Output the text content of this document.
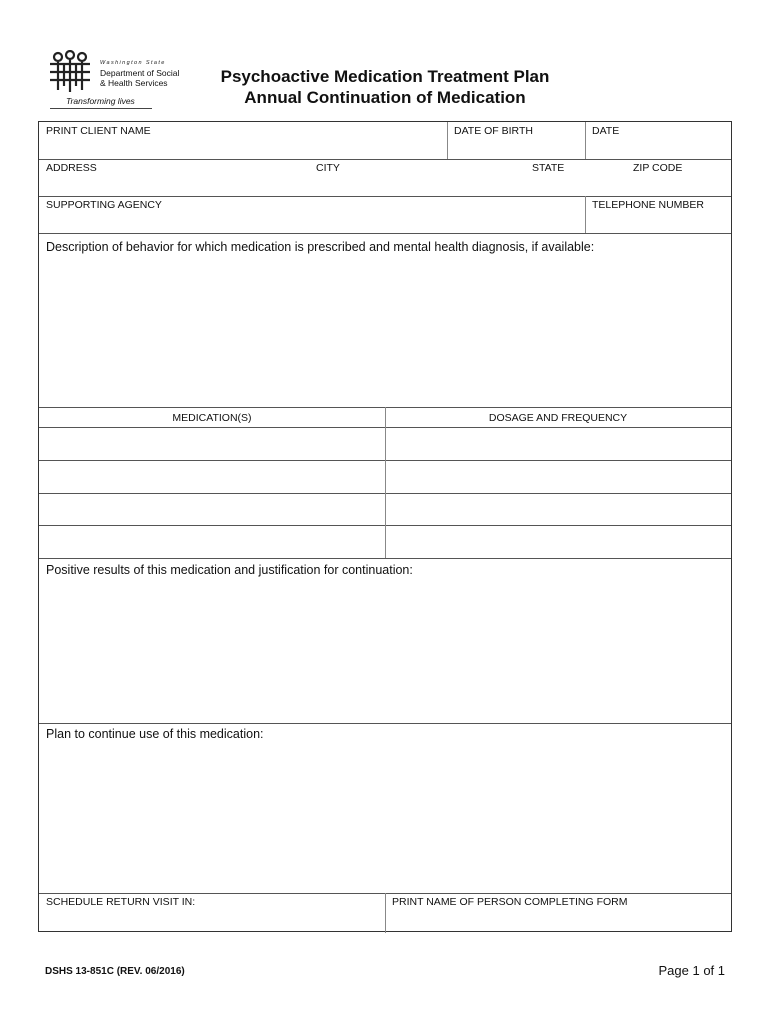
Washington State
Department of Social
& Health Services
Transforming lives
Psychoactive Medication Treatment Plan
Annual Continuation of Medication
PRINT CLIENT NAME	DATE OF BIRTH	DATE
ADDRESS	CITY	STATE	ZIP CODE
SUPPORTING AGENCY	TELEPHONE NUMBER
Description of behavior for which medication is prescribed and mental health diagnosis, if available:
MEDICATION(S)	DOSAGE AND FREQUENCY
Positive results of this medication and justification for continuation:
Plan to continue use of this medication:
SCHEDULE RETURN VISIT IN:	PRINT NAME OF PERSON COMPLETING FORM
DSHS 13-851C (REV. 06/2016)	Page 1 of 1
